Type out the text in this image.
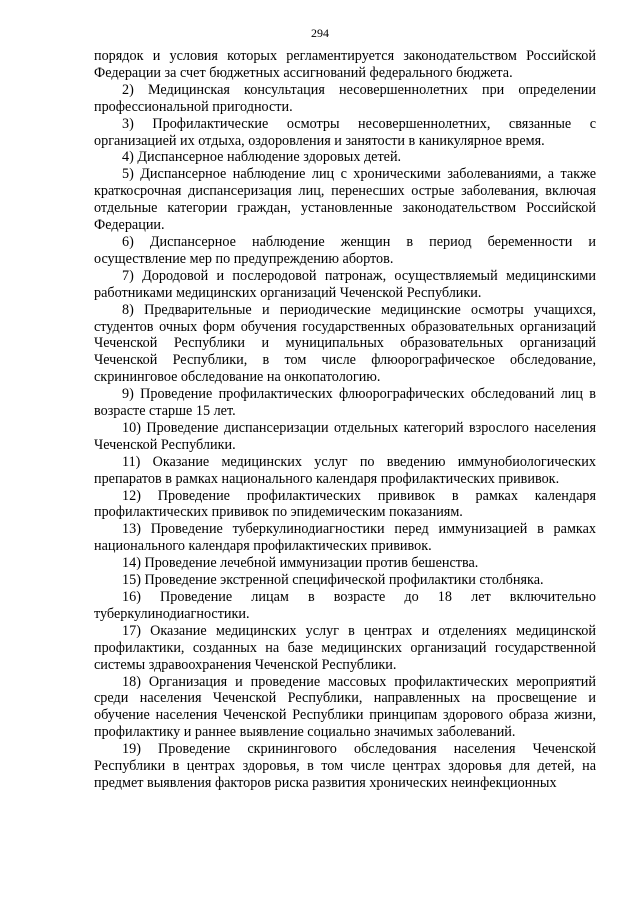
294

порядок и условия которых регламентируется законодательством Российской Федерации за счет бюджетных ассигнований федерального бюджета.

2) Медицинская консультация несовершеннолетних при определении профессиональной пригодности.

3) Профилактические осмотры несовершеннолетних, связанные с организацией их отдыха, оздоровления и занятости в каникулярное время.

4) Диспансерное наблюдение здоровых детей.

5) Диспансерное наблюдение лиц с хроническими заболеваниями, а также краткосрочная диспансеризация лиц, перенесших острые заболевания, включая отдельные категории граждан, установленные законодательством Российской Федерации.

6) Диспансерное наблюдение женщин в период беременности и осуществление мер по предупреждению абортов.

7) Дородовой и послеродовой патронаж, осуществляемый медицинскими работниками медицинских организаций Чеченской Республики.

8) Предварительные и периодические медицинские осмотры учащихся, студентов очных форм обучения государственных образовательных организаций Чеченской Республики и муниципальных образовательных организаций Чеченской Республики, в том числе флюорографическое обследование, скрининговое обследование на онкопатологию.

9) Проведение профилактических флюорографических обследований лиц в возрасте старше 15 лет.

10) Проведение диспансеризации отдельных категорий взрослого населения Чеченской Республики.

11) Оказание медицинских услуг по введению иммунобиологических препаратов в рамках национального календаря профилактических прививок.

12) Проведение профилактических прививок в рамках календаря профилактических прививок по эпидемическим показаниям.

13) Проведение туберкулинодиагностики перед иммунизацией в рамках национального календаря профилактических прививок.

14) Проведение лечебной иммунизации против бешенства.

15) Проведение экстренной специфической профилактики столбняка.

16) Проведение лицам в возрасте до 18 лет включительно туберкулинодиагностики.

17) Оказание медицинских услуг в центрах и отделениях медицинской профилактики, созданных на базе медицинских организаций государственной системы здравоохранения Чеченской Республики.

18) Организация и проведение массовых профилактических мероприятий среди населения Чеченской Республики, направленных на просвещение и обучение населения Чеченской Республики принципам здорового образа жизни, профилактику и раннее выявление социально значимых заболеваний.

19) Проведение скринингового обследования населения Чеченской Республики в центрах здоровья, в том числе центрах здоровья для детей, на предмет выявления факторов риска развития хронических неинфекционных
